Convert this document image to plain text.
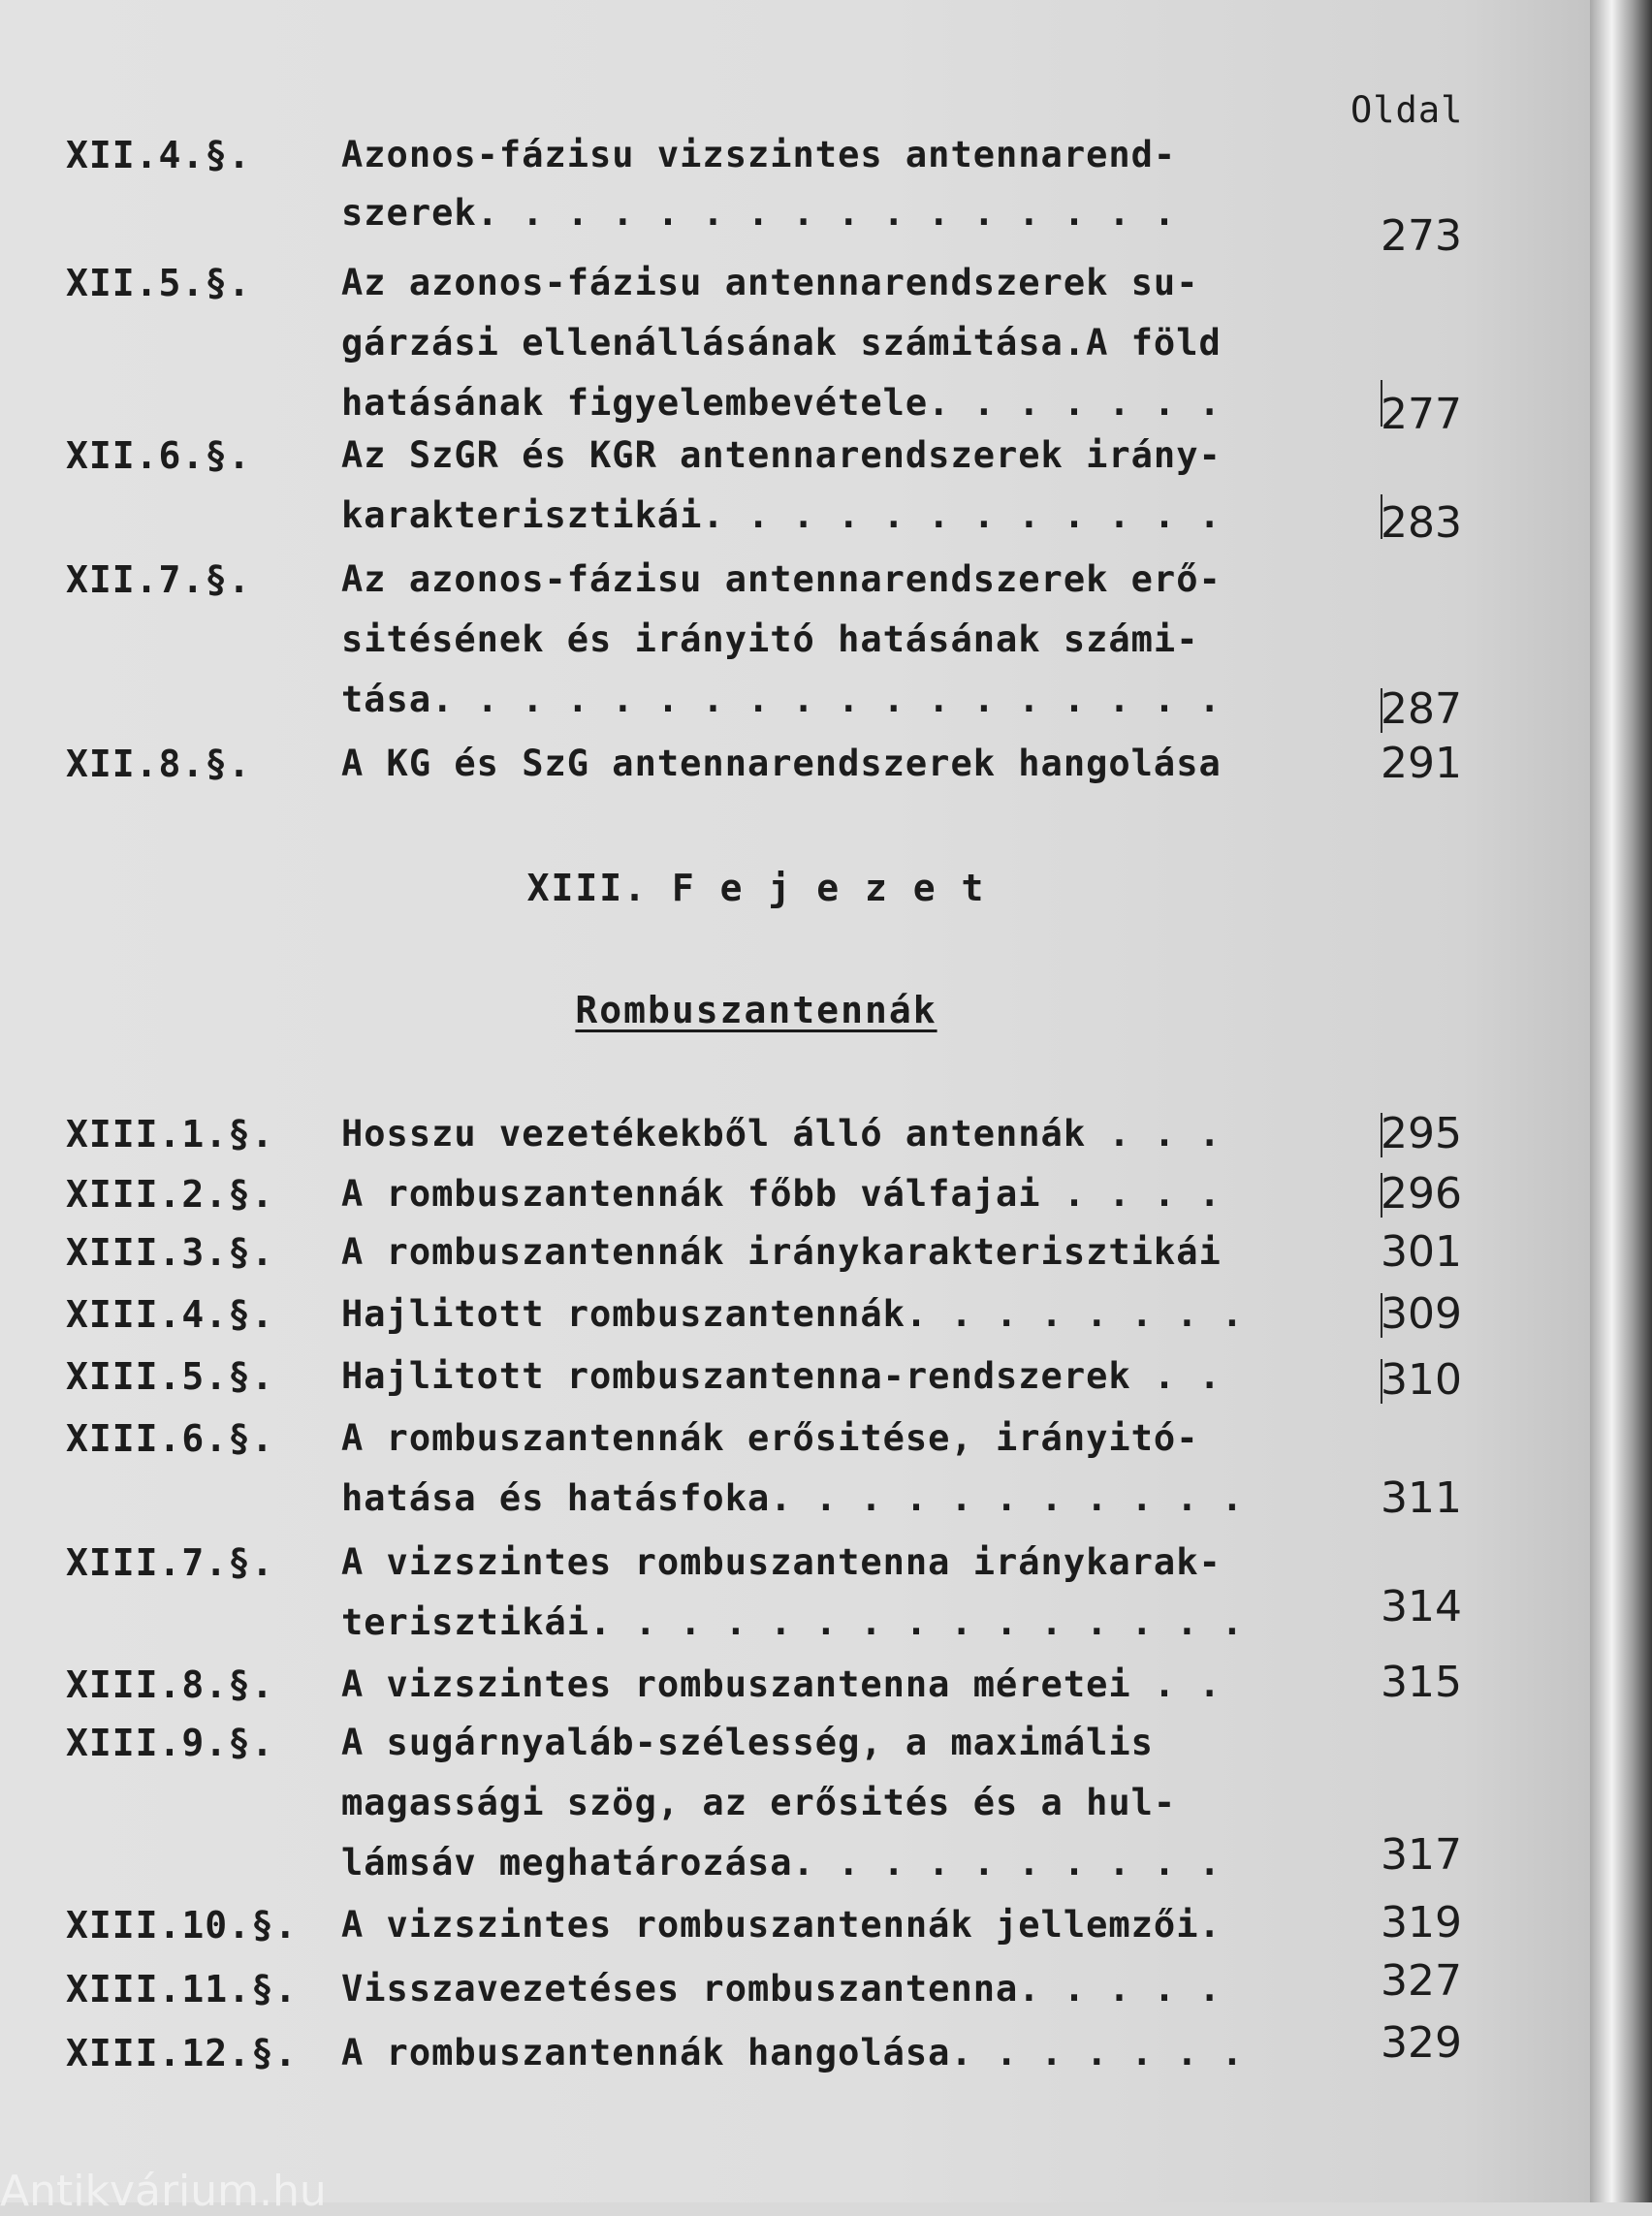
Oldal
XII.4.§.	Azonos-fázisu vizszintes antennarend-
szerek. . . . . . . . . . . . . . . .	273
XII.5.§.	Az azonos-fázisu antennarendszerek su-
gárzási ellenállásának számitása.A föld
hatásának figyelembevétele. . . . . . .	277
XII.6.§.	Az SzGR és KGR antennarendszerek irány-
karakterisztikái. . . . . . . . . . . .	283
XII.7.§.	Az azonos-fázisu antennarendszerek erő-
sitésének és irányitó hatásának számi-
tása. . . . . . . . . . . . . . . . . .	287
XII.8.§.	A KG és SzG antennarendszerek hangolása	291
XIII. F e j e z e t
Rombuszantennák
XIII.1.§. Hosszu vezetékekből álló antennák . . .	295
XIII.2.§. A rombuszantennák főbb válfajai . . . .	296
XIII.3.§. A rombuszantennák iránykarakterisztikái	301
XIII.4.§. Hajlitott rombuszantennák. . . . . . . .	309
XIII.5.§. Hajlitott rombuszantenna-rendszerek . .	310
XIII.6.§. A rombuszantennák erősitése, irányitó-
hatása és hatásfoka. . . . . . . . . . .	311
XIII.7.§. A vizszintes rombuszantenna iránykarak-
terisztikái. . . . . . . . . . . . . . .	314
XIII.8.§. A vizszintes rombuszantenna méretei . .	315
XIII.9.§. A sugárnyaláb-szélesség, a maximális
magassági szög, az erősités és a hul-
lámsáv meghatározása. . . . . . . . . .	317
XIII.10.§. A vizszintes rombuszantennák jellemzői.	319
XIII.11.§. Visszavezetéses rombuszantenna. . . . .	327
XIII.12.§. A rombuszantennák hangolása. . . . . . .	329
Antikvárium.hu
